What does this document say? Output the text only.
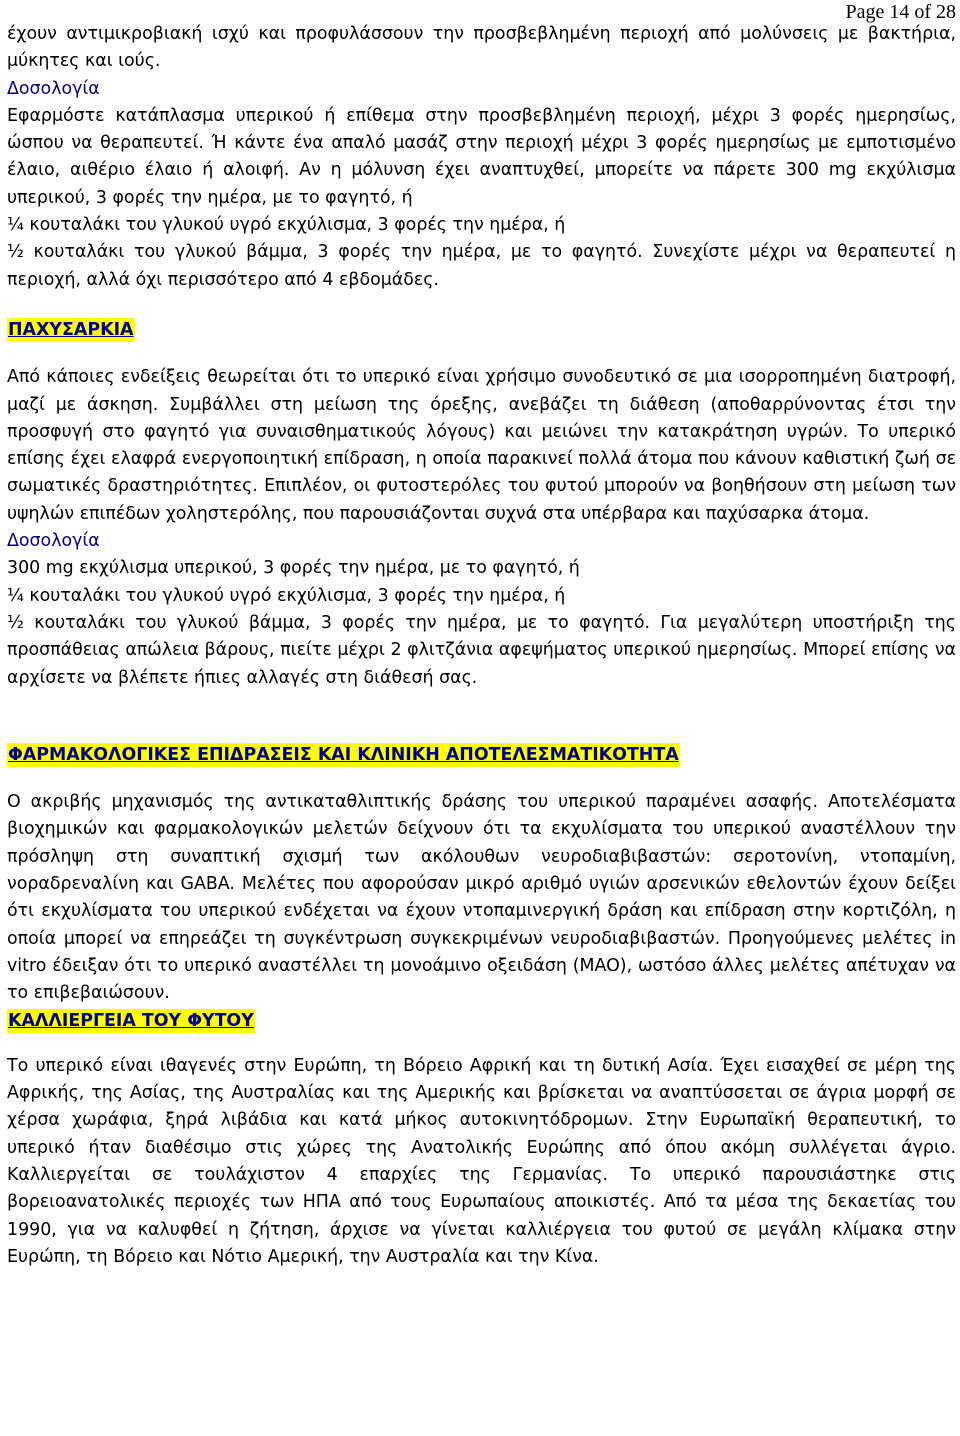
Page 14 of 28

έχουν αντιμικροβιακή ισχύ και προφυλάσσουν την προσβεβλημένη περιοχή από μολύνσεις με βακτήρια, μύκητες και ιούς.

Δοσολογία

Εφαρμόστε κατάπλασμα υπερικού ή επίθεμα στην προσβεβλημένη περιοχή, μέχρι 3 φορές ημερησίως, ώσπου να θεραπευτεί. Ή κάντε ένα απαλό μασάζ στην περιοχή μέχρι 3 φορές ημερησίως με εμποτισμένο έλαιο, αιθέριο έλαιο ή αλοιφή. Αν η μόλυνση έχει αναπτυχθεί, μπορείτε να πάρετε 300 mg εκχύλισμα υπερικού, 3 φορές την ημέρα, με το φαγητό, ή

¼ κουταλάκι του γλυκού υγρό εκχύλισμα, 3 φορές την ημέρα, ή

½ κουταλάκι του γλυκού βάμμα, 3 φορές την ημέρα, με το φαγητό. Συνεχίστε μέχρι να θεραπευτεί η περιοχή, αλλά όχι περισσότερο από 4 εβδομάδες.

ΠΑΧΥΣΑΡΚΙΑ

Από κάποιες ενδείξεις θεωρείται ότι το υπερικό είναι χρήσιμο συνοδευτικό σε μια ισορροπημένη διατροφή, μαζί με άσκηση. Συμβάλλει στη μείωση της όρεξης, ανεβάζει τη διάθεση (αποθαρρύνοντας έτσι την προσφυγή στο φαγητό για συναισθηματικούς λόγους) και μειώνει την κατακράτηση υγρών. Το υπερικό επίσης έχει ελαφρά ενεργοποιητική επίδραση, η οποία παρακινεί πολλά άτομα που κάνουν καθιστική ζωή σε σωματικές δραστηριότητες. Επιπλέον, οι φυτοστερόλες του φυτού μπορούν να βοηθήσουν στη μείωση των υψηλών επιπέδων χοληστερόλης, που παρουσιάζονται συχνά στα υπέρβαρα και παχύσαρκα άτομα.

Δοσολογία

300 mg εκχύλισμα υπερικού, 3 φορές την ημέρα, με το φαγητό, ή

¼ κουταλάκι του γλυκού υγρό εκχύλισμα, 3 φορές την ημέρα, ή

½ κουταλάκι του γλυκού βάμμα, 3 φορές την ημέρα, με το φαγητό. Για μεγαλύτερη υποστήριξη της προσπάθειας απώλεια βάρους, πιείτε μέχρι 2 φλιτζάνια αφεψήματος υπερικού ημερησίως. Μπορεί επίσης να αρχίσετε να βλέπετε ήπιες αλλαγές στη διάθεσή σας.

ΦΑΡΜΑΚΟΛΟΓΙΚΕΣ ΕΠΙΔΡΑΣΕΙΣ ΚΑΙ ΚΛΙΝΙΚΗ ΑΠΟΤΕΛΕΣΜΑΤΙΚΟΤΗΤΑ

Ο ακριβής μηχανισμός της αντικαταθλιπτικής δράσης του υπερικού παραμένει ασαφής. Αποτελέσματα βιοχημικών και φαρμακολογικών μελετών δείχνουν ότι τα εκχυλίσματα του υπερικού αναστέλλουν την πρόσληψη στη συναπτική σχισμή των ακόλουθων νευροδιαβιβαστών: σεροτονίνη, ντοπαμίνη, νοραδρεναλίνη και GABA. Μελέτες που αφορούσαν μικρό αριθμό υγιών αρσενικών εθελοντών έχουν δείξει ότι εκχυλίσματα του υπερικού ενδέχεται να έχουν ντοπαμινεργική δράση και επίδραση στην κορτιζόλη, η οποία μπορεί να επηρεάζει τη συγκέντρωση συγκεκριμένων νευροδιαβιβαστών. Προηγούμενες μελέτες in vitro έδειξαν ότι το υπερικό αναστέλλει τη μονοάμινο οξειδάση (MAO), ωστόσο άλλες μελέτες απέτυχαν να το επιβεβαιώσουν.

ΚΑΛΛΙΕΡΓΕΙΑ ΤΟΥ ΦΥΤΟΥ

Το υπερικό είναι ιθαγενές στην Ευρώπη, τη Βόρειο Αφρική και τη δυτική Ασία. Έχει εισαχθεί σε μέρη της Αφρικής, της Ασίας, της Αυστραλίας και της Αμερικής και βρίσκεται να αναπτύσσεται σε άγρια μορφή σε χέρσα χωράφια, ξηρά λιβάδια και κατά μήκος αυτοκινητόδρομων. Στην Ευρωπαϊκή θεραπευτική, το υπερικό ήταν διαθέσιμο στις χώρες της Ανατολικής Ευρώπης από όπου ακόμη συλλέγεται άγριο. Καλλιεργείται σε τουλάχιστον 4 επαρχίες της Γερμανίας. Το υπερικό παρουσιάστηκε στις βορειοανατολικές περιοχές των ΗΠΑ από τους Ευρωπαίους αποικιστές. Από τα μέσα της δεκαετίας του 1990, για να καλυφθεί η ζήτηση, άρχισε να γίνεται καλλιέργεια του φυτού σε μεγάλη κλίμακα στην Ευρώπη, τη Βόρειο και Νότιο Αμερική, την Αυστραλία και την Κίνα.
